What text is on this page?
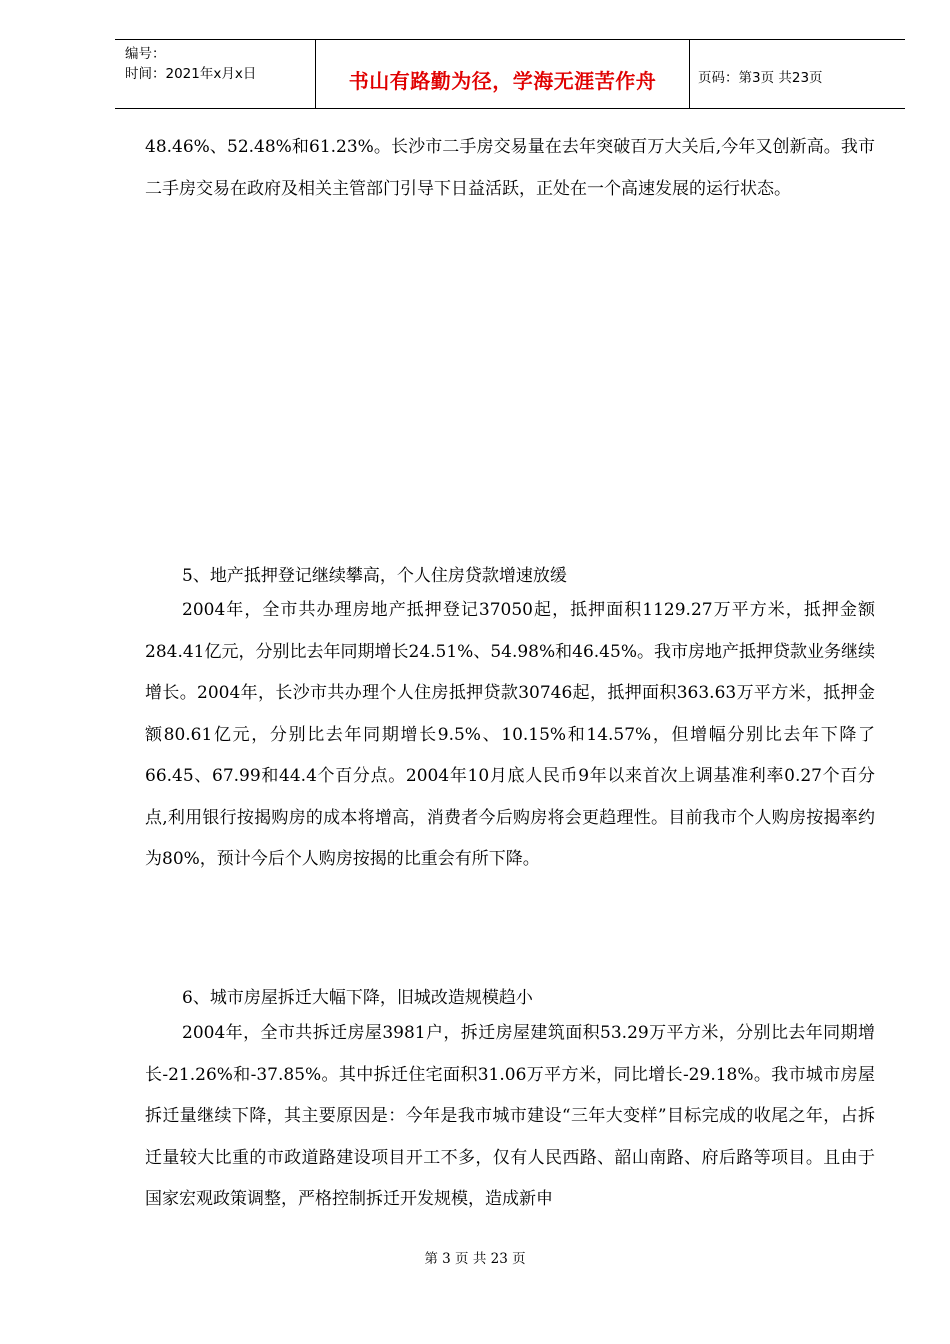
编号：
时间：2021年x月x日	书山有路勤为径，学海无涯苦作舟	页码：第3页 共23页
48.46%、52.48%和61.23%。长沙市二手房交易量在去年突破百万大关后,今年又创新高。我市二手房交易在政府及相关主管部门引导下日益活跃，正处在一个高速发展的运行状态。
5、地产抵押登记继续攀高，个人住房贷款增速放缓
2004年，全市共办理房地产抵押登记37050起，抵押面积1129.27万平方米，抵押金额284.41亿元，分别比去年同期增长24.51%、54.98%和46.45%。我市房地产抵押贷款业务继续增长。2004年，长沙市共办理个人住房抵押贷款30746起，抵押面积363.63万平方米，抵押金额80.61亿元，分别比去年同期增长9.5%、10.15%和14.57%，但增幅分别比去年下降了66.45、67.99和44.4个百分点。2004年10月底人民币9年以来首次上调基准利率0.27个百分点,利用银行按揭购房的成本将增高，消费者今后购房将会更趋理性。目前我市个人购房按揭率约为80%，预计今后个人购房按揭的比重会有所下降。
6、城市房屋拆迁大幅下降，旧城改造规模趋小
2004年，全市共拆迁房屋3981户，拆迁房屋建筑面积53.29万平方米，分别比去年同期增长-21.26%和-37.85%。其中拆迁住宅面积31.06万平方米，同比增长-29.18%。我市城市房屋拆迁量继续下降，其主要原因是：今年是我市城市建设“三年大变样”目标完成的收尾之年，占拆迁量较大比重的市政道路建设项目开工不多，仅有人民西路、韶山南路、府后路等项目。且由于国家宏观政策调整，严格控制拆迁开发规模，造成新申
第 3 页 共 23 页
